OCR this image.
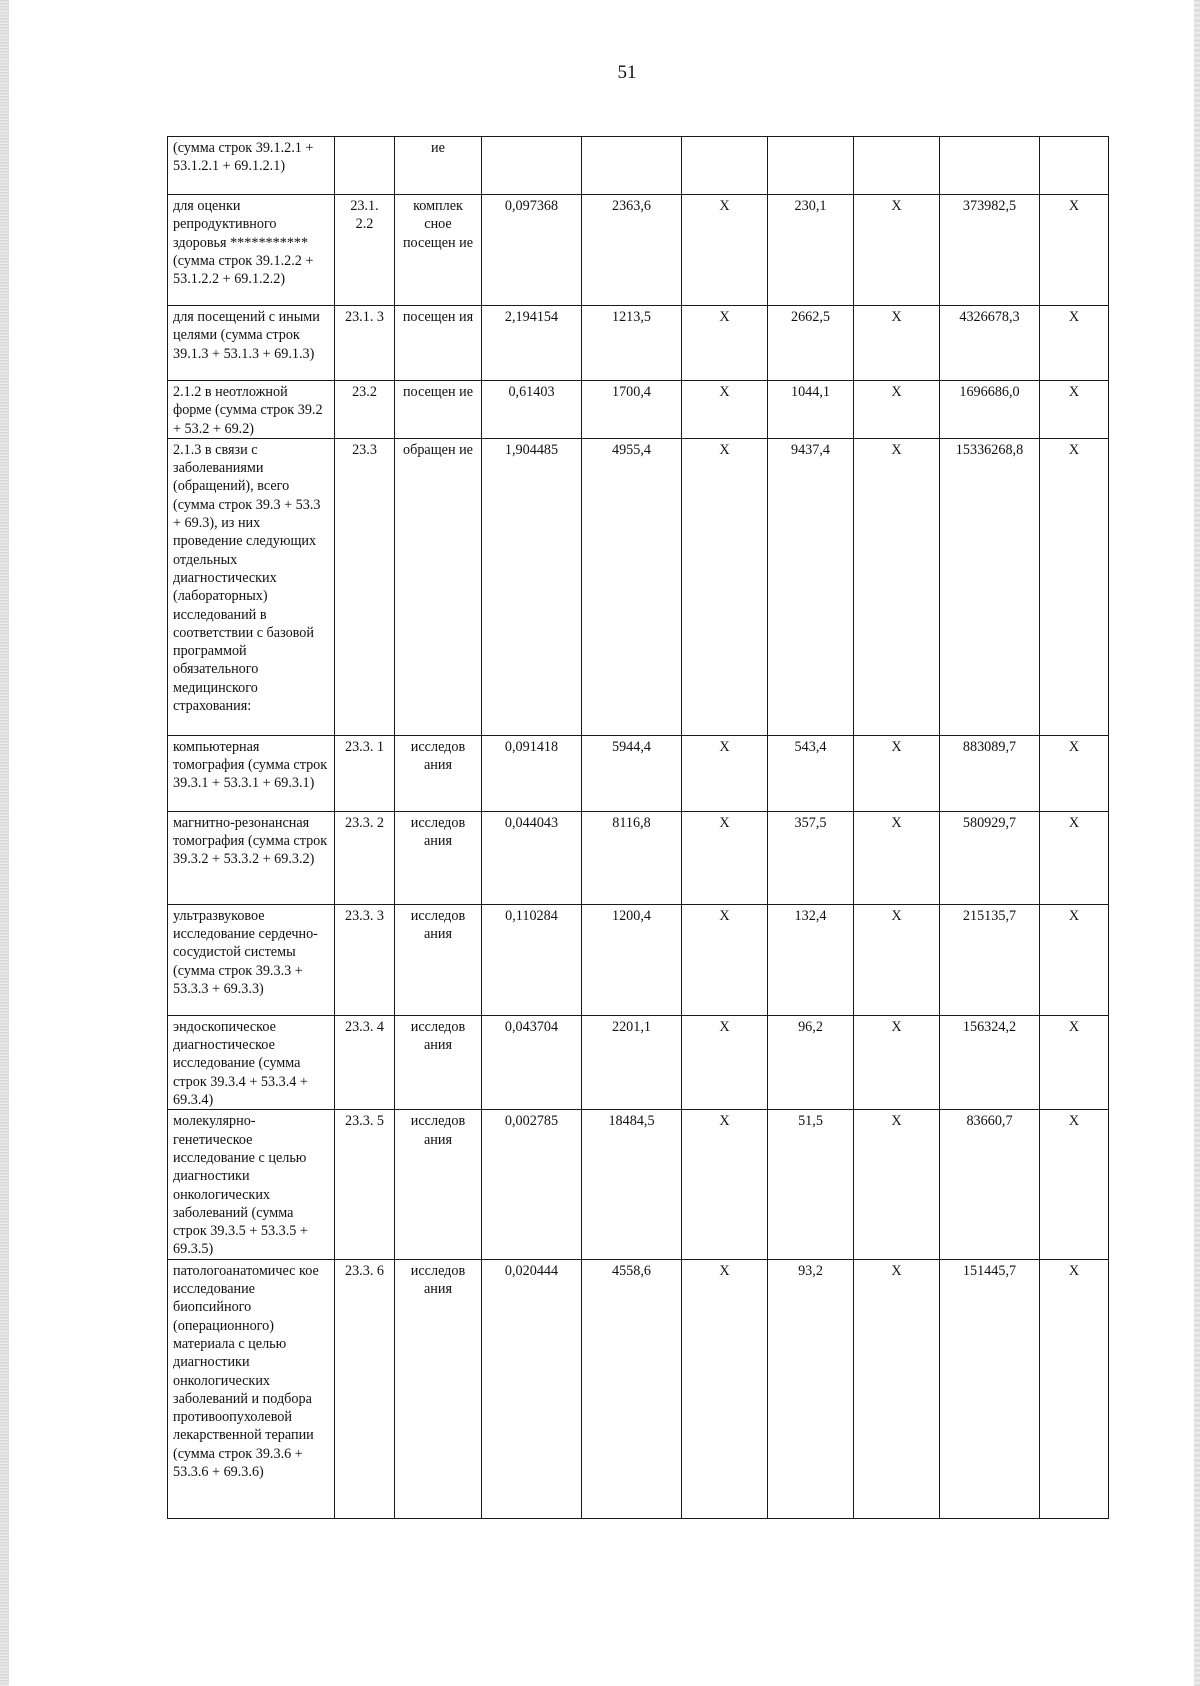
51
(сумма строк 39.1.2.1 + 53.1.2.1 + 69.1.2.1)		ие							
для оценки репродуктивного здоровья *********** (сумма строк 39.1.2.2 + 53.1.2.2 + 69.1.2.2)	23.1. 2.2	комплек сное посещен ие	0,097368	2363,6	X	230,1	X	373982,5	X
для посещений с иными целями (сумма строк 39.1.3 + 53.1.3 + 69.1.3)	23.1. 3	посещен ия	2,194154	1213,5	X	2662,5	X	4326678,3	X
2.1.2 в неотложной форме (сумма строк 39.2 + 53.2 + 69.2)	23.2	посещен ие	0,61403	1700,4	X	1044,1	X	1696686,0	X
2.1.3 в связи с заболеваниями (обращений), всего (сумма строк 39.3 + 53.3 + 69.3), из них проведение следующих отдельных диагностических (лабораторных) исследований в соответствии с базовой программой обязательного медицинского страхования:	23.3	обращен ие	1,904485	4955,4	X	9437,4	X	15336268,8	X
компьютерная томография (сумма строк 39.3.1 + 53.3.1 + 69.3.1)	23.3. 1	исследов ания	0,091418	5944,4	X	543,4	X	883089,7	X
магнитно-резонансная томография (сумма строк 39.3.2 + 53.3.2 + 69.3.2)	23.3. 2	исследов ания	0,044043	8116,8	X	357,5	X	580929,7	X
ультразвуковое исследование сердечно-сосудистой системы (сумма строк 39.3.3 + 53.3.3 + 69.3.3)	23.3. 3	исследов ания	0,110284	1200,4	X	132,4	X	215135,7	X
эндоскопическое диагностическое исследование (сумма строк 39.3.4 + 53.3.4 + 69.3.4)	23.3. 4	исследов ания	0,043704	2201,1	X	96,2	X	156324,2	X
молекулярно-генетическое исследование с целью диагностики онкологических заболеваний (сумма строк 39.3.5 + 53.3.5 + 69.3.5)	23.3. 5	исследов ания	0,002785	18484,5	X	51,5	X	83660,7	X
патологоанатомичес кое исследование биопсийного (операционного) материала с целью диагностики онкологических заболеваний и подбора противоопухолевой лекарственной терапии (сумма строк 39.3.6 + 53.3.6 + 69.3.6)	23.3. 6	исследов ания	0,020444	4558,6	X	93,2	X	151445,7	X
